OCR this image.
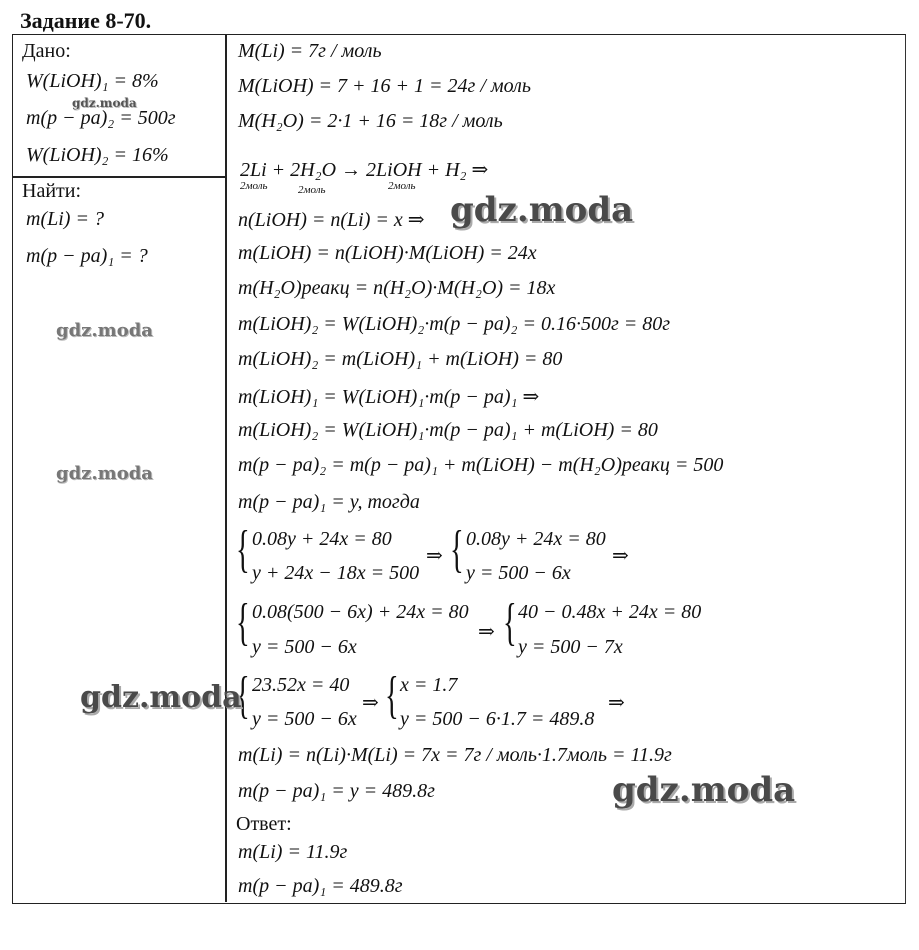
Задание 8-70.
Дано:
W(LiOH)₁ = 8%
m(p − pa)₂ = 500г
W(LiOH)₂ = 16%
Найти:
m(Li) = ?
m(p − pa)₁ = ?
M(Li) = 7г / моль
M(LiOH) = 7 + 16 + 1 = 24г / моль
M(H₂O) = 2·1 + 16 = 18г / моль
2Li + 2H₂O → 2LiOH + H₂ ⇒
2моль	2моль	2моль
n(LiOH) = n(Li) = x ⇒
m(LiOH) = n(LiOH)·M(LiOH) = 24x
m(H₂O)реакц = n(H₂O)·M(H₂O) = 18x
m(LiOH)₂ = W(LiOH)₂·m(p − pa)₂ = 0.16·500г = 80г
m(LiOH)₂ = m(LiOH)₁ + m(LiOH) = 80
m(LiOH)₁ = W(LiOH)₁·m(p − pa)₁ ⇒
m(LiOH)₂ = W(LiOH)₁·m(p − pa)₁ + m(LiOH) = 80
m(p − pa)₂ = m(p − pa)₁ + m(LiOH) − m(H₂O)реакц = 500
m(p − pa)₁ = y, тогда
{ 0.08y + 24x = 80
y + 24x − 18x = 500
⇒ { 0.08y + 24x = 80
y = 500 − 6x
⇒
{ 0.08(500 − 6x) + 24x = 80
y = 500 − 6x
⇒ { 40 − 0.48x + 24x = 80
y = 500 − 7x
{ 23.52x = 40
y = 500 − 6x
⇒ { x = 1.7
y = 500 − 6·1.7 = 489.8
⇒
m(Li) = n(Li)·M(Li) = 7x = 7г / моль·1.7моль = 11.9г
m(p − pa)₁ = y = 489.8г
Ответ:
m(Li) = 11.9г
m(p − pa)₁ = 489.8г
gdz.moda
gdz.moda
gdz.moda
gdz.moda
gdz.moda
gdz.moda
